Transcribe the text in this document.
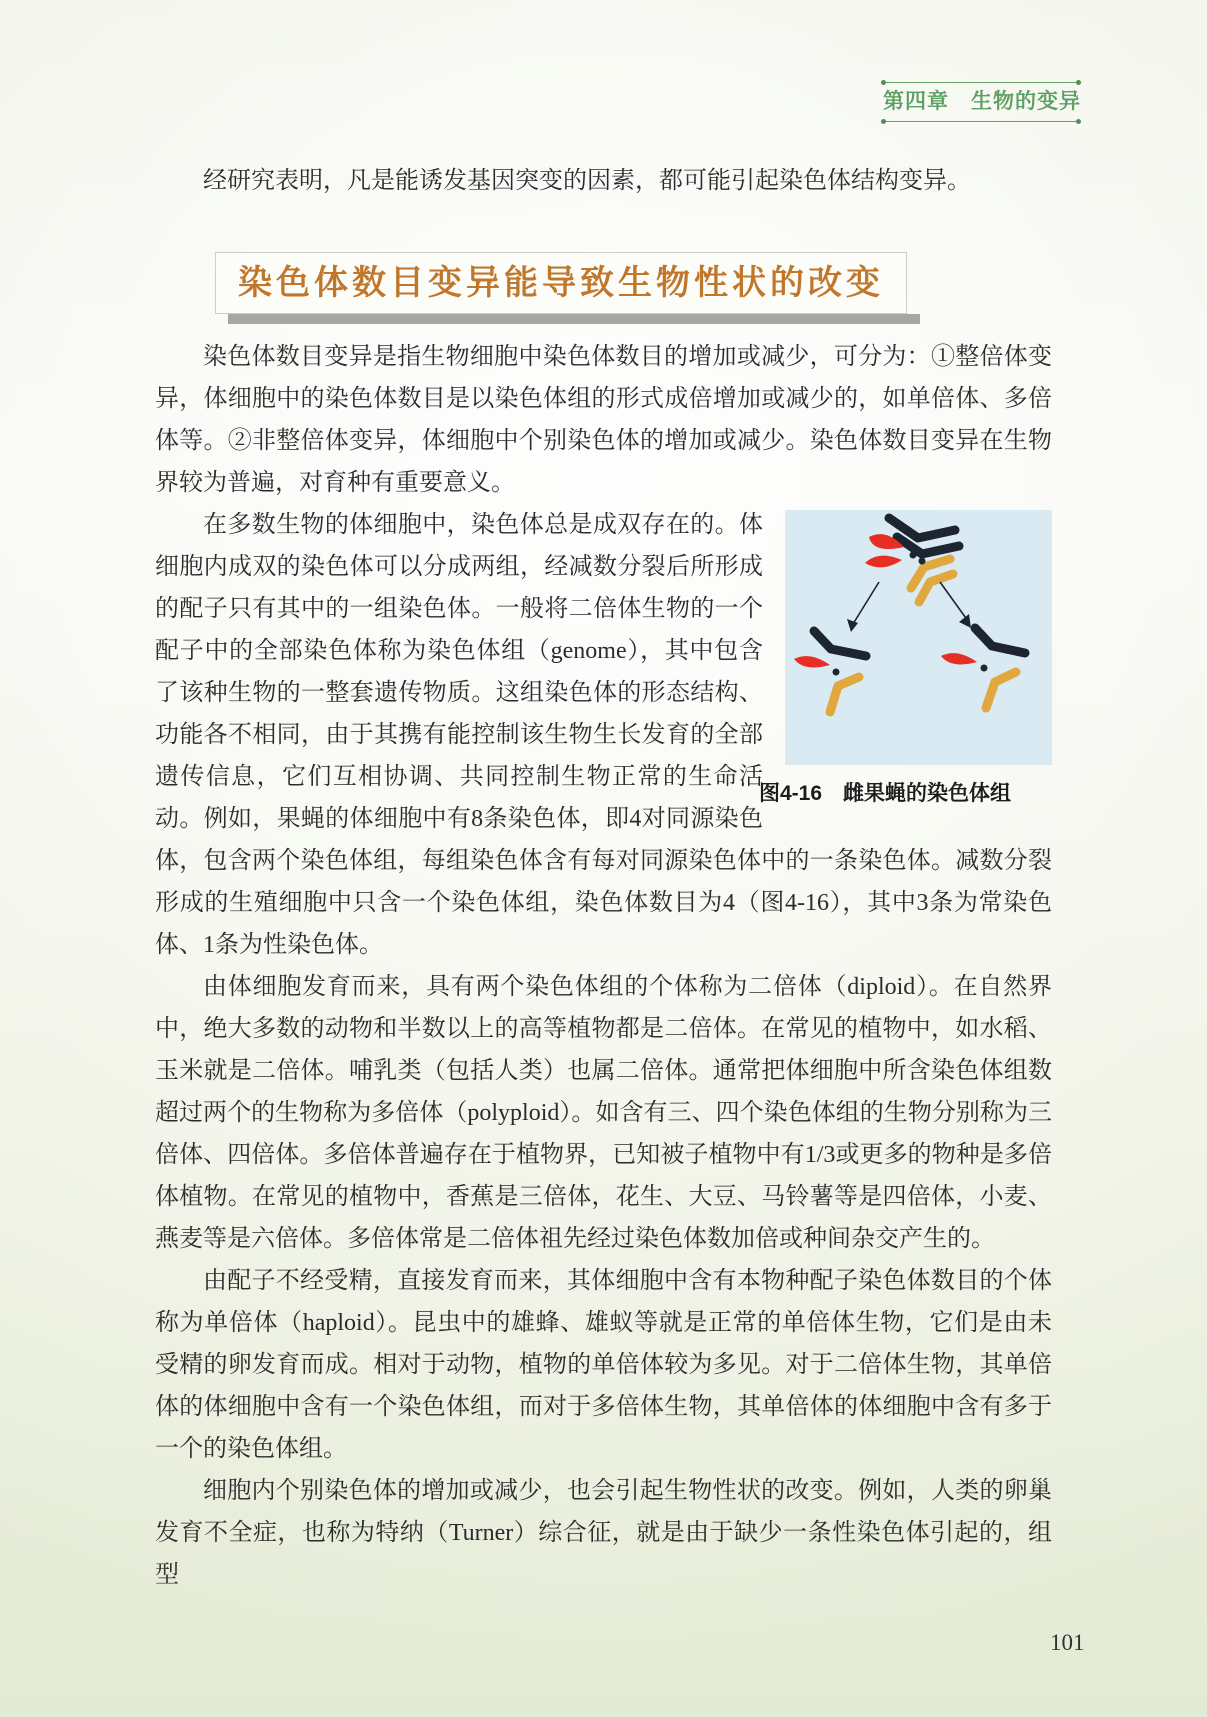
第四章　生物的变异

经研究表明，凡是能诱发基因突变的因素，都可能引起染色体结构变异。

染色体数目变异能导致生物性状的改变

染色体数目变异是指生物细胞中染色体数目的增加或减少，可分为：①整倍体变异，体细胞中的染色体数目是以染色体组的形式成倍增加或减少的，如单倍体、多倍体等。②非整倍体变异，体细胞中个别染色体的增加或减少。染色体数目变异在生物界较为普遍，对育种有重要意义。

图4-16　雌果蝇的染色体组

在多数生物的体细胞中，染色体总是成双存在的。体细胞内成双的染色体可以分成两组，经减数分裂后所形成的配子只有其中的一组染色体。一般将二倍体生物的一个配子中的全部染色体称为染色体组（genome），其中包含了该种生物的一整套遗传物质。这组染色体的形态结构、功能各不相同，由于其携有能控制该生物生长发育的全部遗传信息，它们互相协调、共同控制生物正常的生命活动。例如，果蝇的体细胞中有8条染色体，即4对同源染色体，包含两个染色体组，每组染色体含有每对同源染色体中的一条染色体。减数分裂形成的生殖细胞中只含一个染色体组，染色体数目为4（图4-16），其中3条为常染色体、1条为性染色体。

由体细胞发育而来，具有两个染色体组的个体称为二倍体（diploid）。在自然界中，绝大多数的动物和半数以上的高等植物都是二倍体。在常见的植物中，如水稻、玉米就是二倍体。哺乳类（包括人类）也属二倍体。通常把体细胞中所含染色体组数超过两个的生物称为多倍体（polyploid）。如含有三、四个染色体组的生物分别称为三倍体、四倍体。多倍体普遍存在于植物界，已知被子植物中有1/3或更多的物种是多倍体植物。在常见的植物中，香蕉是三倍体，花生、大豆、马铃薯等是四倍体，小麦、燕麦等是六倍体。多倍体常是二倍体祖先经过染色体数加倍或种间杂交产生的。

由配子不经受精，直接发育而来，其体细胞中含有本物种配子染色体数目的个体称为单倍体（haploid）。昆虫中的雄蜂、雄蚁等就是正常的单倍体生物，它们是由未受精的卵发育而成。相对于动物，植物的单倍体较为多见。对于二倍体生物，其单倍体的体细胞中含有一个染色体组，而对于多倍体生物，其单倍体的体细胞中含有多于一个的染色体组。

细胞内个别染色体的增加或减少，也会引起生物性状的改变。例如，人类的卵巢发育不全症，也称为特纳（Turner）综合征，就是由于缺少一条性染色体引起的，组型

101
